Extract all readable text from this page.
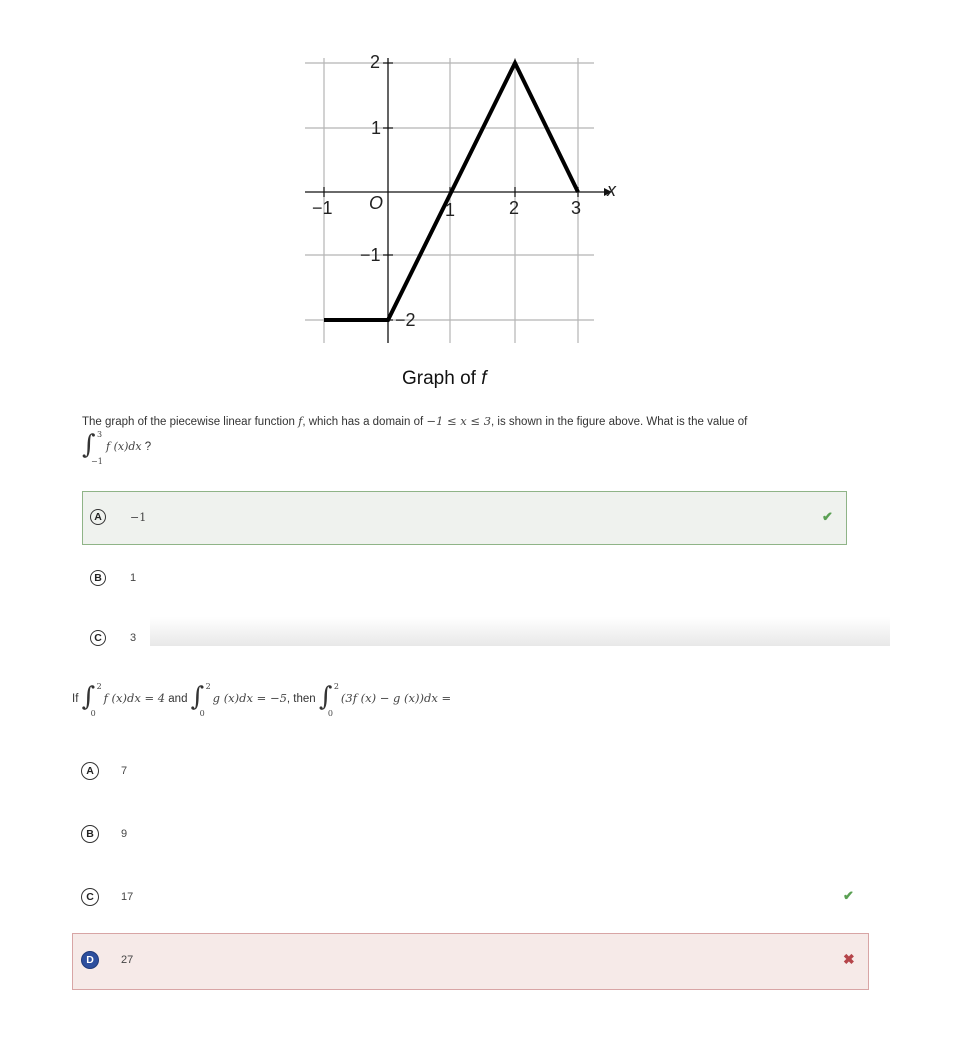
−1	1	2	3
O
x
2
1
−1
−2
Graph of f
The graph of the piecewise linear function f, which has a domain of −1 ≤ x ≤ 3, is shown in the figure above. What is the value of
∫ 3
−1
f (x)dx ?
A	−1	✔
B	1
C	3
If ∫ 2
0
f (x)dx = 4 and ∫ 2
0
g (x)dx = −5, then ∫ 2
0
(3f (x) − g (x))dx =
A	7
B	9
C	17	✔
D	27	✖
